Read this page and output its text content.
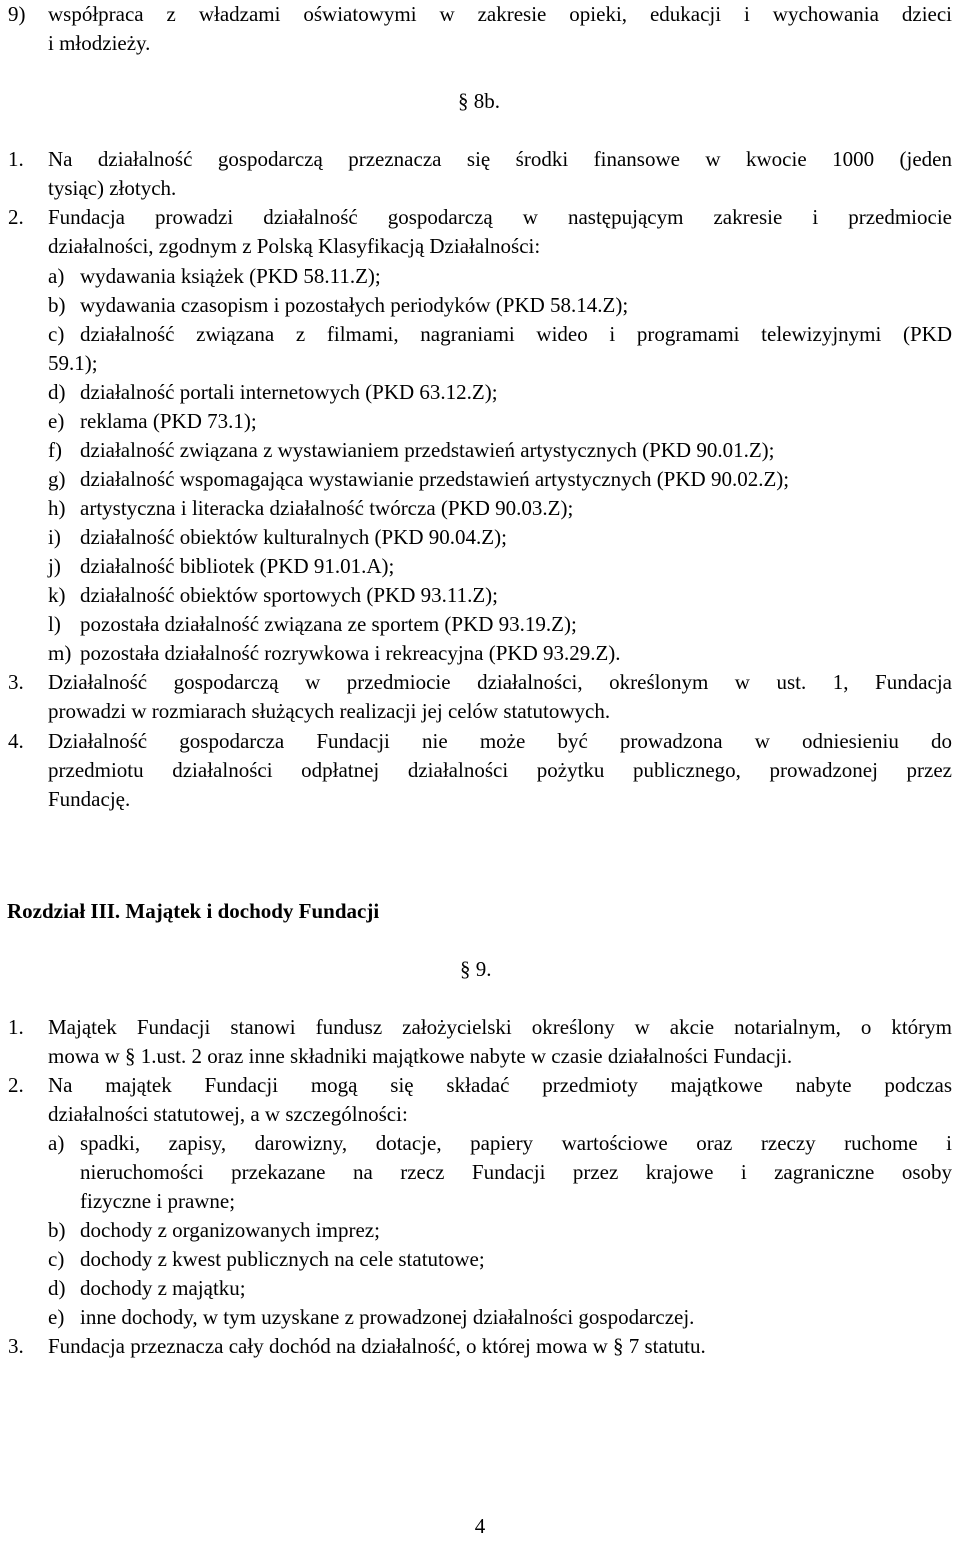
9) współpraca z władzami oświatowymi w zakresie opieki, edukacji i wychowania dzieci
i młodzieży.
§ 8b.
1. Na działalność gospodarczą przeznacza się środki finansowe w kwocie 1000 (jeden
tysiąc) złotych.
2. Fundacja prowadzi działalność gospodarczą w następującym zakresie i przedmiocie
działalności, zgodnym z Polską Klasyfikacją Działalności:
a) wydawania książek (PKD 58.11.Z);
b) wydawania czasopism i pozostałych periodyków (PKD 58.14.Z);
c) działalność związana z filmami, nagraniami wideo i programami telewizyjnymi (PKD
59.1);
d) działalność portali internetowych (PKD 63.12.Z);
e) reklama (PKD 73.1);
f) działalność związana z wystawianiem przedstawień artystycznych (PKD 90.01.Z);
g) działalność wspomagająca wystawianie przedstawień artystycznych (PKD 90.02.Z);
h) artystyczna i literacka działalność twórcza (PKD 90.03.Z);
i) działalność obiektów kulturalnych (PKD 90.04.Z);
j) działalność bibliotek (PKD 91.01.A);
k) działalność obiektów sportowych (PKD 93.11.Z);
l) pozostała działalność związana ze sportem (PKD 93.19.Z);
m) pozostała działalność rozrywkowa i rekreacyjna (PKD 93.29.Z).
3. Działalność gospodarczą w przedmiocie działalności, określonym w ust. 1, Fundacja
prowadzi w rozmiarach służących realizacji jej celów statutowych.
4. Działalność gospodarcza Fundacji nie może być prowadzona w odniesieniu do
przedmiotu działalności odpłatnej działalności pożytku publicznego, prowadzonej przez
Fundację.
Rozdział III. Majątek i dochody Fundacji
§ 9.
1. Majątek Fundacji stanowi fundusz założycielski określony w akcie notarialnym, o którym
mowa w § 1.ust. 2 oraz inne składniki majątkowe nabyte w czasie działalności Fundacji.
2. Na majątek Fundacji mogą się składać przedmioty majątkowe nabyte podczas
działalności statutowej, a w szczególności:
a) spadki, zapisy, darowizny, dotacje, papiery wartościowe oraz rzeczy ruchome i
nieruchomości przekazane na rzecz Fundacji przez krajowe i zagraniczne osoby
fizyczne i prawne;
b) dochody z organizowanych imprez;
c) dochody z kwest publicznych na cele statutowe;
d) dochody z majątku;
e) inne dochody, w tym uzyskane z prowadzonej działalności gospodarczej.
3. Fundacja przeznacza cały dochód na działalność, o której mowa w § 7 statutu.
4
